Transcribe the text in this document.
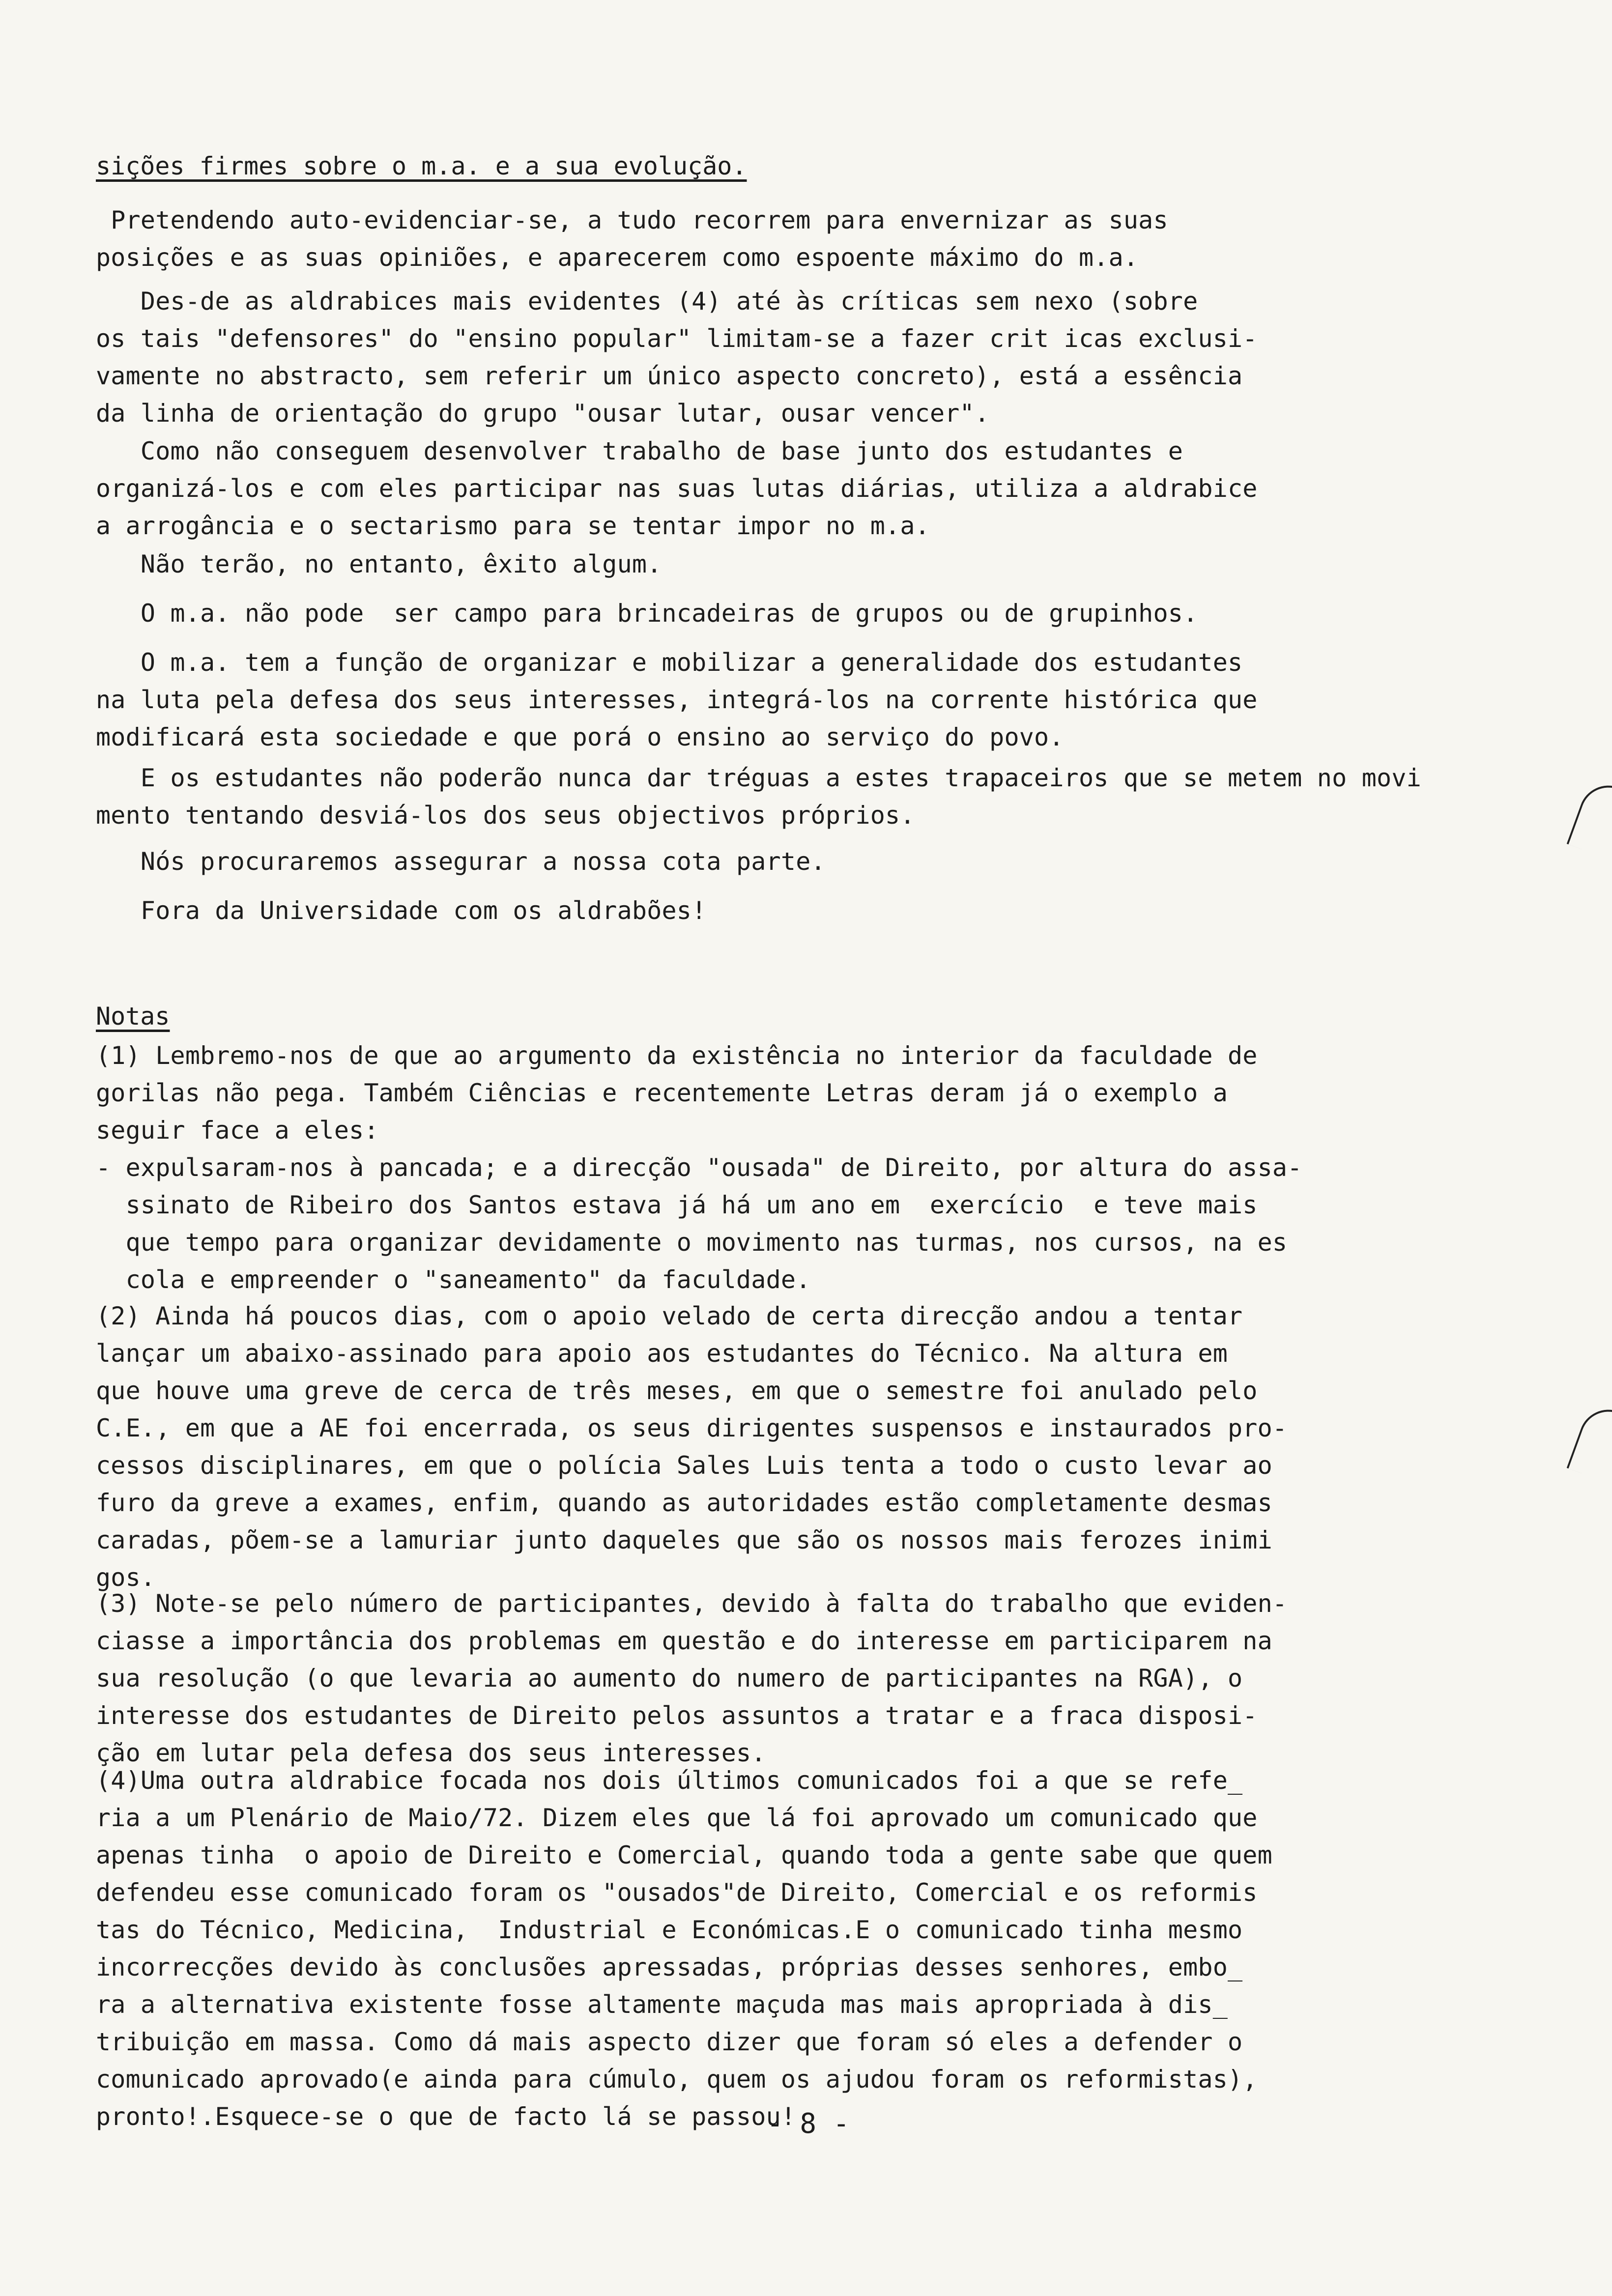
sições firmes sobre o m.a. e a sua evolução.
Pretendendo auto-evidenciar-se, a tudo recorrem para envernizar as suas
posições e as suas opiniões, e aparecerem como espoente máximo do m.a.
Des-de as aldrabices mais evidentes (4) até às críticas sem nexo (sobre
os tais "defensores" do "ensino popular" limitam-se a fazer crit icas exclusi-
vamente no abstracto, sem referir um único aspecto concreto), está a essência
da linha de orientação do grupo "ousar lutar, ousar vencer".
Como não conseguem desenvolver trabalho de base junto dos estudantes e
organizá-los e com eles participar nas suas lutas diárias, utiliza a aldrabice
a arrogância e o sectarismo para se tentar impor no m.a.
Não terão, no entanto, êxito algum.
O m.a. não pode  ser campo para brincadeiras de grupos ou de grupinhos.
O m.a. tem a função de organizar e mobilizar a generalidade dos estudantes
na luta pela defesa dos seus interesses, integrá-los na corrente histórica que
modificará esta sociedade e que porá o ensino ao serviço do povo.
E os estudantes não poderão nunca dar tréguas a estes trapaceiros que se metem no movi
mento tentando desviá-los dos seus objectivos próprios.
Nós procuraremos assegurar a nossa cota parte.
Fora da Universidade com os aldrabões!
Notas
(1) Lembremo-nos de que ao argumento da existência no interior da faculdade de
gorilas não pega. Também Ciências e recentemente Letras deram já o exemplo a
seguir face a eles:
- expulsaram-nos à pancada; e a direcção "ousada" de Direito, por altura do assa-
ssinato de Ribeiro dos Santos estava já há um ano em  exercício  e teve mais
que tempo para organizar devidamente o movimento nas turmas, nos cursos, na es
cola e empreender o "saneamento" da faculdade.
(2) Ainda há poucos dias, com o apoio velado de certa direcção andou a tentar
lançar um abaixo-assinado para apoio aos estudantes do Técnico. Na altura em
que houve uma greve de cerca de três meses, em que o semestre foi anulado pelo
C.E., em que a AE foi encerrada, os seus dirigentes suspensos e instaurados pro-
cessos disciplinares, em que o polícia Sales Luis tenta a todo o custo levar ao
furo da greve a exames, enfim, quando as autoridades estão completamente desmas
caradas, põem-se a lamuriar junto daqueles que são os nossos mais ferozes inimi
gos.
(3) Note-se pelo número de participantes, devido à falta do trabalho que eviden-
ciasse a importância dos problemas em questão e do interesse em participarem na
sua resolução (o que levaria ao aumento do numero de participantes na RGA), o
interesse dos estudantes de Direito pelos assuntos a tratar e a fraca disposi-
ção em lutar pela defesa dos seus interesses.
(4)Uma outra aldrabice focada nos dois últimos comunicados foi a que se refe_
ria a um Plenário de Maio/72. Dizem eles que lá foi aprovado um comunicado que
apenas tinha  o apoio de Direito e Comercial, quando toda a gente sabe que quem
defendeu esse comunicado foram os "ousados"de Direito, Comercial e os reformis
tas do Técnico, Medicina,  Industrial e Económicas.E o comunicado tinha mesmo
incorrecções devido às conclusões apressadas, próprias desses senhores, embo_
ra a alternativa existente fosse altamente maçuda mas mais apropriada à dis_
tribuição em massa. Como dá mais aspecto dizer que foram só eles a defender o
comunicado aprovado(e ainda para cúmulo, quem os ajudou foram os reformistas),
pronto!.Esquece-se o que de facto lá se passou!
- 8 -
